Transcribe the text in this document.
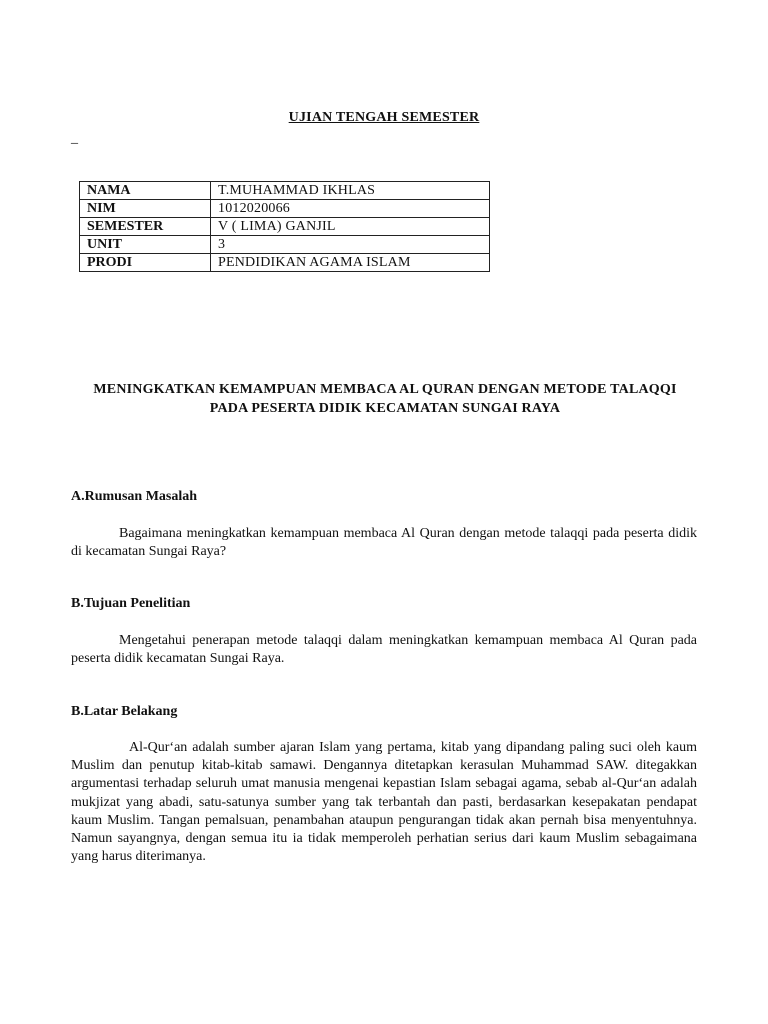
UJIAN TENGAH SEMESTER
_
NAMA	T.MUHAMMAD IKHLAS
NIM	1012020066
SEMESTER	V ( LIMA) GANJIL
UNIT	3
PRODI	PENDIDIKAN AGAMA ISLAM
MENINGKATKAN KEMAMPUAN MEMBACA AL QURAN DENGAN METODE TALAQQI
PADA PESERTA DIDIK KECAMATAN SUNGAI RAYA
A.Rumusan Masalah
Bagaimana meningkatkan kemampuan membaca Al Quran dengan metode talaqqi pada peserta didik di kecamatan Sungai Raya?
B.Tujuan Penelitian
Mengetahui penerapan metode talaqqi dalam meningkatkan kemampuan membaca Al Quran pada peserta didik kecamatan Sungai Raya.
B.Latar Belakang
Al-Qur‘an adalah sumber ajaran Islam yang pertama, kitab yang dipandang paling suci oleh kaum Muslim dan penutup kitab-kitab samawi. Dengannya ditetapkan kerasulan Muhammad SAW. ditegakkan argumentasi terhadap seluruh umat manusia mengenai kepastian Islam sebagai agama, sebab al-Qur‘an adalah mukjizat yang abadi, satu-satunya sumber yang tak terbantah dan pasti, berdasarkan kesepakatan pendapat kaum Muslim. Tangan pemalsuan, penambahan ataupun pengurangan tidak akan pernah bisa menyentuhnya. Namun sayangnya, dengan semua itu ia tidak memperoleh perhatian serius dari kaum Muslim sebagaimana yang harus diterimanya.
